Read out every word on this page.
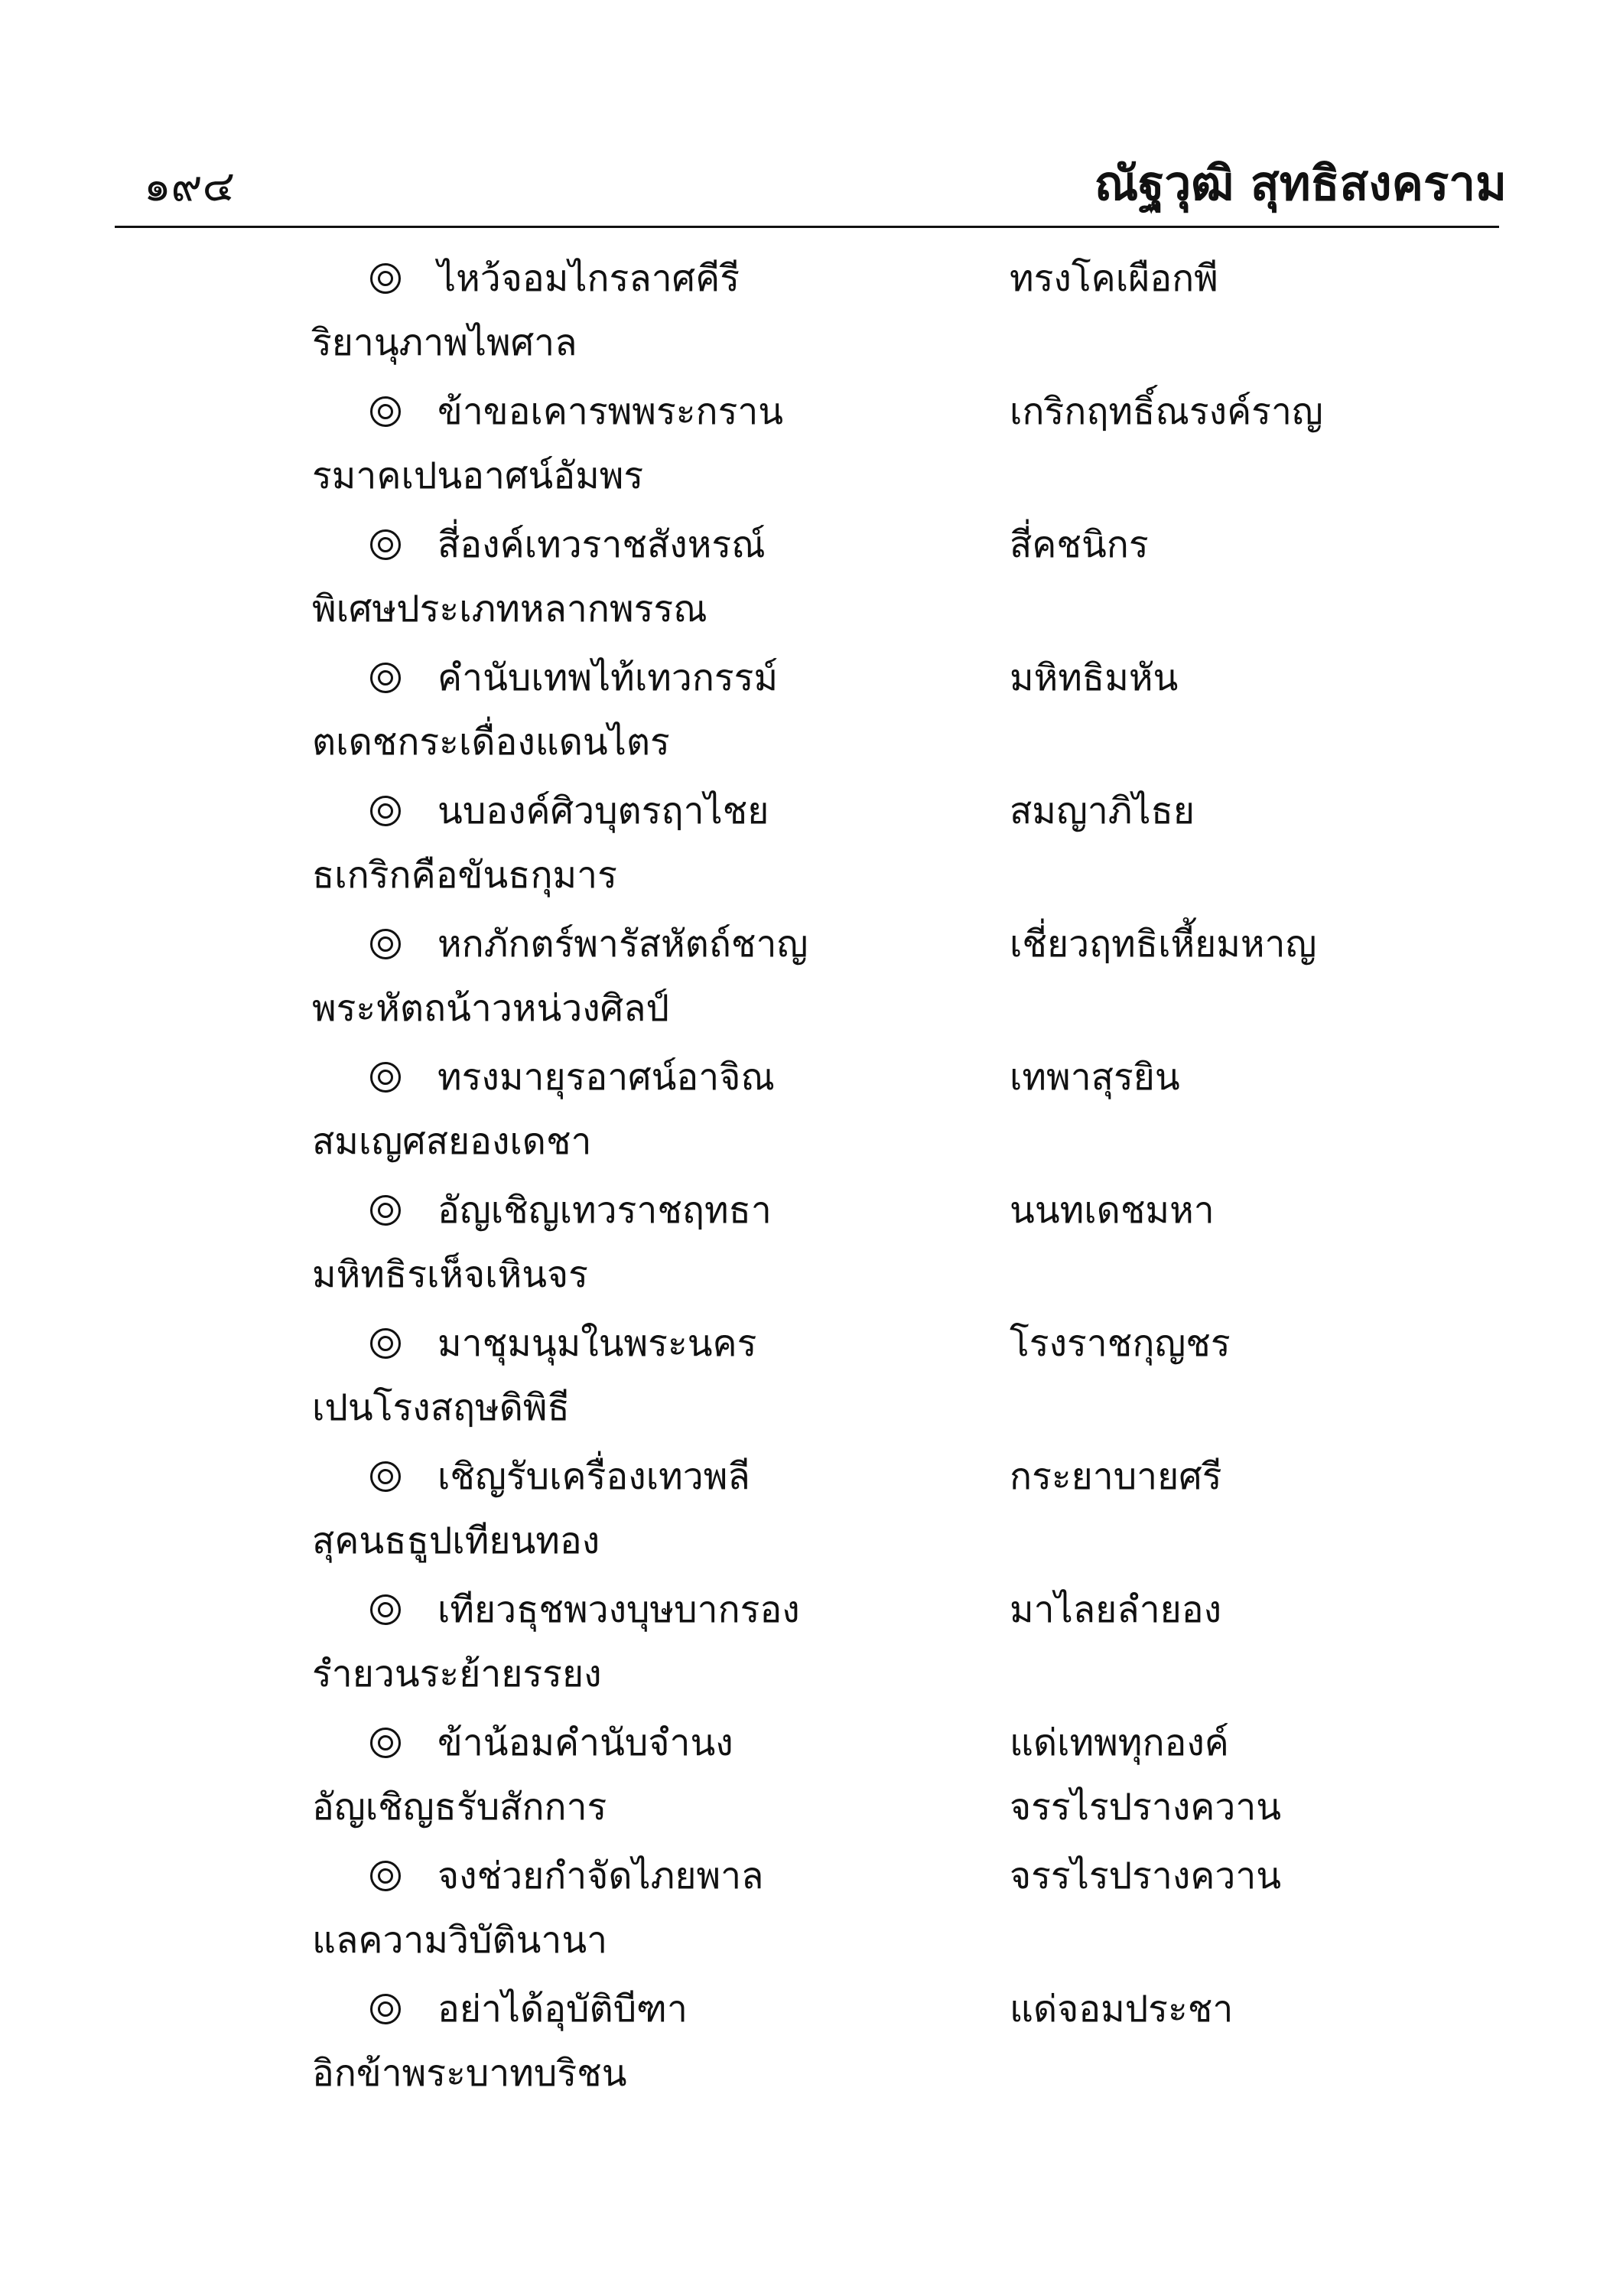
๑๙๔	ณัฐวุฒิ สุทธิสงคราม
ไหว้จอมไกรลาศคีรี	ทรงโคเผือกพี
ริยานุภาพไพศาล
ข้าขอเคารพพระกราน	เกริกฤทธิ์ณรงค์ราญ
รมาคเปนอาศน์อัมพร
สี่องค์เทวราชสังหรณ์	สี่คชนิกร
พิเศษประเภทหลากพรรณ
คำนับเทพไท้เทวกรรม์	มหิทธิมหัน
ตเดชกระเดื่องแดนไตร
นบองค์ศิวบุตรฤาไชย	สมญาภิไธย
ธเกริกคือขันธกุมาร
หกภักตร์พารัสหัตถ์ชาญ	เชี่ยวฤทธิเหี้ยมหาญ
พระหัตถน้าวหน่วงศิลป์
ทรงมายุรอาศน์อาจิณ	เทพาสุรยิน
สมเญศสยองเดชา
อัญเชิญเทวราชฤทธา	นนทเดชมหา
มหิทธิรเห็จเหินจร
มาชุมนุมในพระนคร	โรงราชกุญชร
เปนโรงสฤษดิพิธี
เชิญรับเครื่องเทวพลี	กระยาบายศรี
สุคนธธูปเทียนทอง
เทียวธุชพวงบุษบากรอง	มาไลยลำยอง
รำยวนระย้ายรรยง
ข้าน้อมคำนับจำนง	แด่เทพทุกองค์
อัญเชิญธรับสักการ	จรรไรปรางควาน
จงช่วยกำจัดไภยพาล	จรรไรปรางควาน
แลความวิบัตินานา
อย่าได้อุบัติบีฑา	แด่จอมประชา
อิกข้าพระบาทบริชน
